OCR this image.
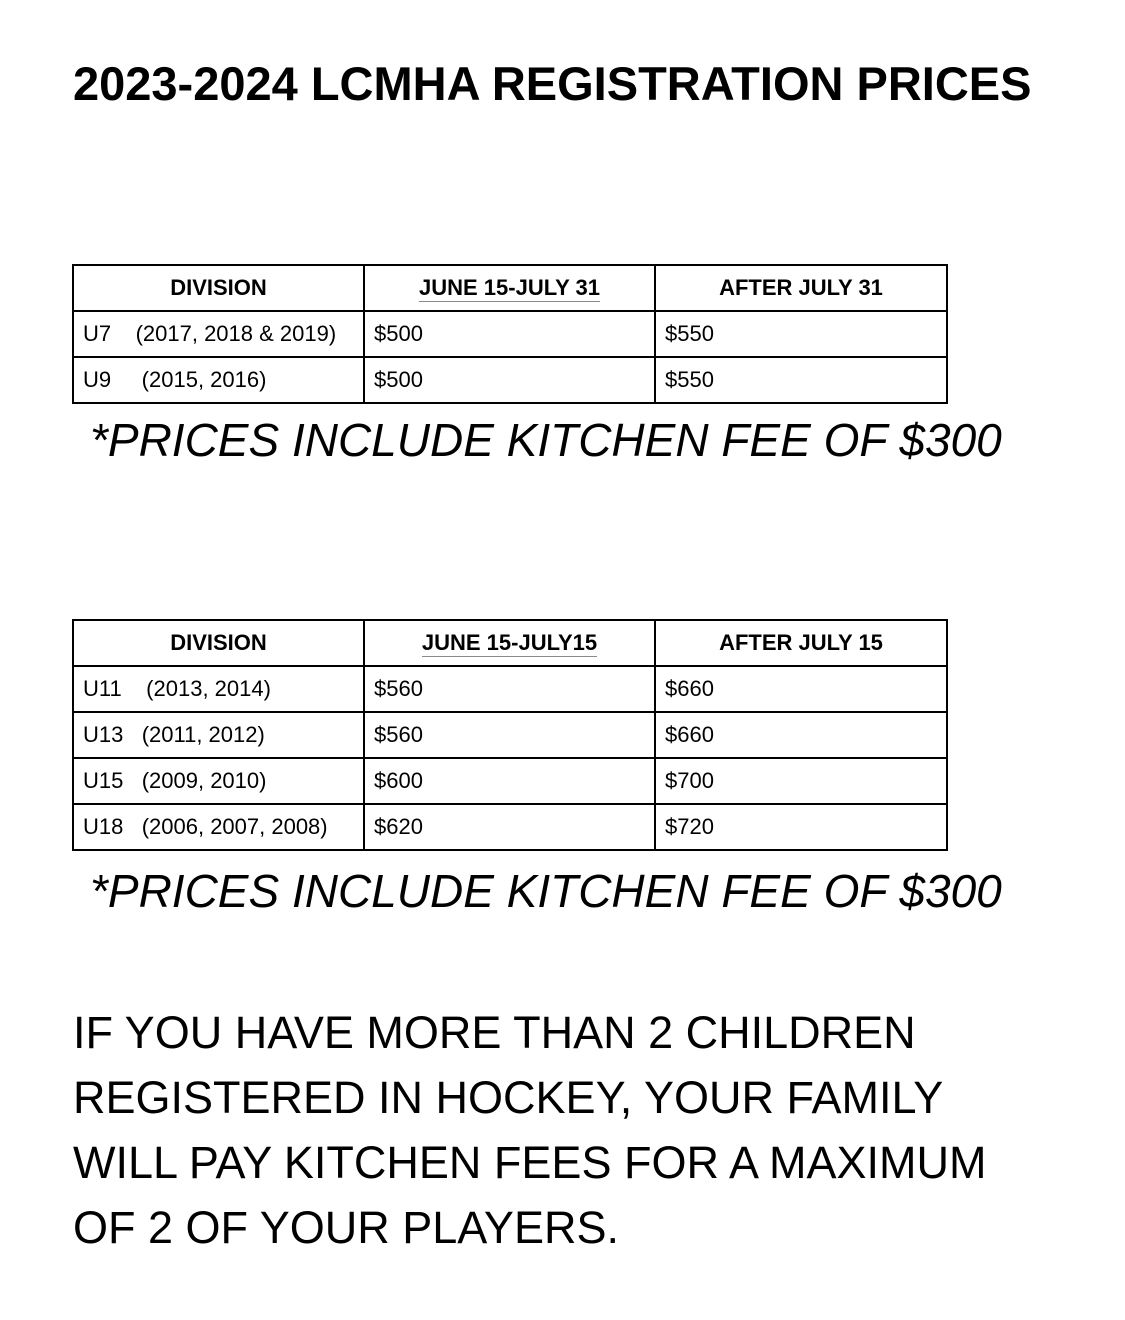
2023-2024 LCMHA REGISTRATION PRICES
DIVISION	JUNE 15-JULY 31	AFTER JULY 31
U7    (2017, 2018 & 2019)	$500	$550
U9     (2015, 2016)	$500	$550

*PRICES INCLUDE KITCHEN FEE OF $300

DIVISION	JUNE 15-JULY15	AFTER JULY 15
U11    (2013, 2014)	$560	$660
U13   (2011, 2012)	$560	$660
U15   (2009, 2010)	$600	$700
U18   (2006, 2007, 2008)	$620	$720

*PRICES INCLUDE KITCHEN FEE OF $300

IF YOU HAVE MORE THAN 2 CHILDREN
REGISTERED IN HOCKEY, YOUR FAMILY
WILL PAY KITCHEN FEES FOR A MAXIMUM
OF 2 OF YOUR PLAYERS.
